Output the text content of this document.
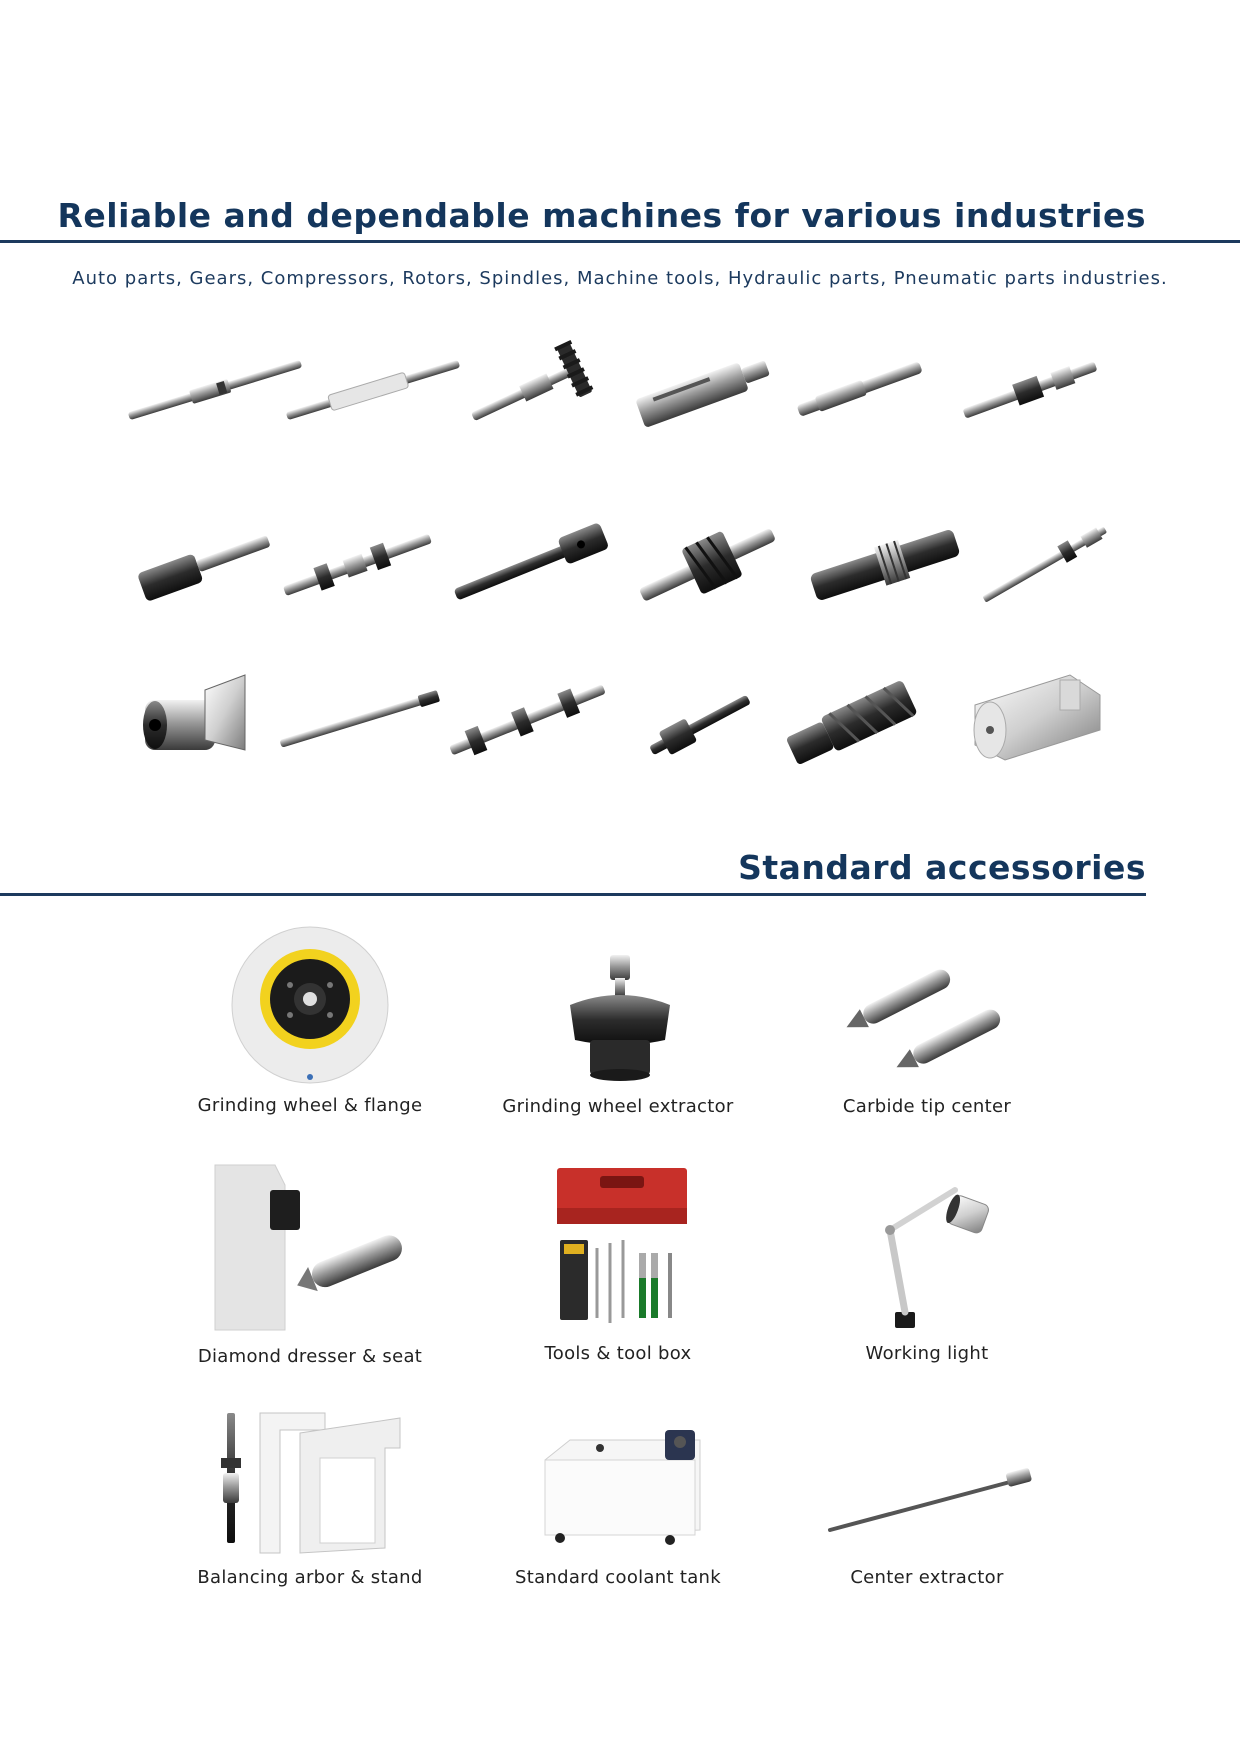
Reliable and dependable machines for various industries
Auto parts, Gears, Compressors, Rotors, Spindles, Machine tools, Hydraulic parts, Pneumatic parts industries.
Standard accessories
Grinding wheel & flange	Grinding wheel extractor	Carbide tip center
Diamond dresser & seat	Tools & tool box	Working light
Balancing arbor & stand	Standard coolant tank	Center extractor
